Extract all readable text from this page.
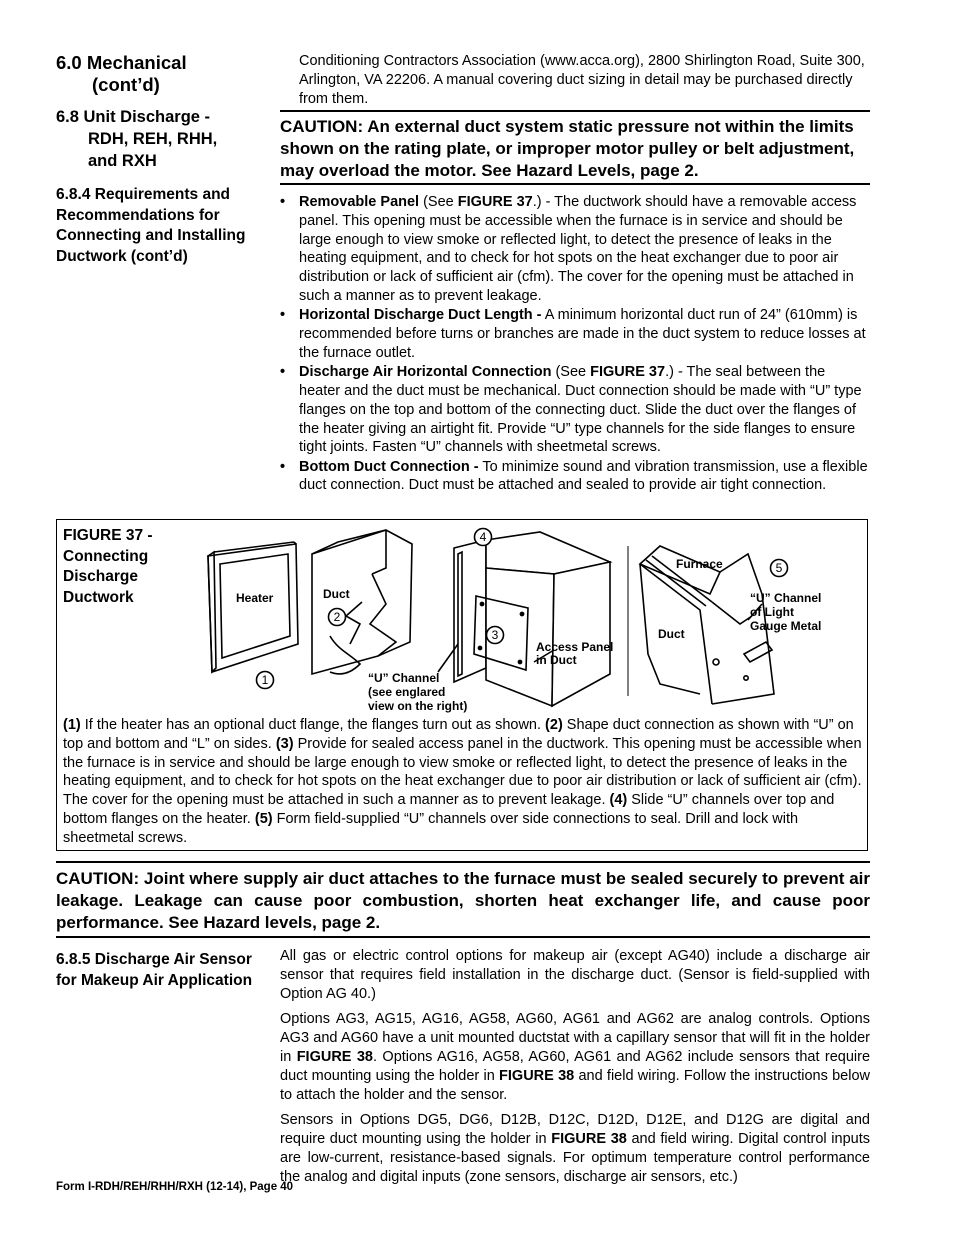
6.0 Mechanical
(cont’d)
6.8 Unit Discharge -
RDH, REH, RHH,
and RXH
6.8.4 Requirements and Recommendations for Connecting and Installing Ductwork (cont’d)
Conditioning Contractors Association (www.acca.org), 2800 Shirlington Road, Suite 300, Arlington, VA 22206. A manual covering duct sizing in detail may be purchased directly from them.
CAUTION: An external duct system static pressure not within the limits shown on the rating plate, or improper motor pulley or belt adjustment, may overload the motor. See Hazard Levels, page 2.
• Removable Panel (See FIGURE 37.) - The ductwork should have a removable access panel. This opening must be accessible when the furnace is in service and should be large enough to view smoke or reflected light, to detect the presence of leaks in the heating equipment, and to check for hot spots on the heat exchanger due to poor air distribution or lack of sufficient air (cfm). The cover for the opening must be attached in such a manner as to prevent leakage.
• Horizontal Discharge Duct Length - A minimum horizontal duct run of 24” (610mm) is recommended before turns or branches are made in the duct system to reduce losses at the furnace outlet.
• Discharge Air Horizontal Connection (See FIGURE 37.) - The seal between the heater and the duct must be mechanical. Duct connection should be made with “U” type flanges on the top and bottom of the connecting duct. Slide the duct over the flanges of the heater giving an airtight fit. Provide “U” type channels for the side flanges to ensure tight joints. Fasten “U” channels with sheetmetal screws.
• Bottom Duct Connection - To minimize sound and vibration transmission, use a flexible duct connection. Duct must be attached and sealed to provide air tight connection.
FIGURE 37 - Connecting Discharge Ductwork	Heater	Duct
“U” Channel
(see englared
view on the right)
Access Panel
in Duct
Furnace
Duct
“U” Channel
of Light
Gauge Metal
1
2
3
4
5
(1) If the heater has an optional duct flange, the flanges turn out as shown. (2) Shape duct connection as shown with “U” on top and bottom and “L” on sides. (3) Provide for sealed access panel in the ductwork. This opening must be accessible when the furnace is in service and should be large enough to view smoke or reflected light, to detect the presence of leaks in the heating equipment, and to check for hot spots on the heat exchanger due to poor air distribution or lack of sufficient air (cfm). The cover for the opening must be attached in such a manner as to prevent leakage. (4) Slide “U” channels over top and bottom flanges on the heater. (5) Form field-supplied “U” channels over side connections to seal. Drill and lock with sheetmetal screws.
CAUTION: Joint where supply air duct attaches to the furnace must be sealed securely to prevent air leakage. Leakage can cause poor combustion, shorten heat exchanger life, and cause poor performance. See Hazard levels, page 2.
6.8.5 Discharge Air Sensor for Makeup Air Application

All gas or electric control options for makeup air (except AG40) include a discharge air sensor that requires field installation in the discharge duct. (Sensor is field-supplied with Option AG 40.)

Options AG3, AG15, AG16, AG58, AG60, AG61 and AG62 are analog controls. Options AG3 and AG60 have a unit mounted ductstat with a capillary sensor that will fit in the holder in FIGURE 38. Options AG16, AG58, AG60, AG61 and AG62 include sensors that require duct mounting using the holder in FIGURE 38 and field wiring. Follow the instructions below to attach the holder and the sensor.

Sensors in Options DG5, DG6, D12B, D12C, D12D, D12E, and D12G are digital and require duct mounting using the holder in FIGURE 38 and field wiring. Digital control inputs are low-current, resistance-based signals. For optimum temperature control performance the analog and digital inputs (zone sensors, discharge air sensors, etc.)

Form I-RDH/REH/RHH/RXH (12-14), Page 40
